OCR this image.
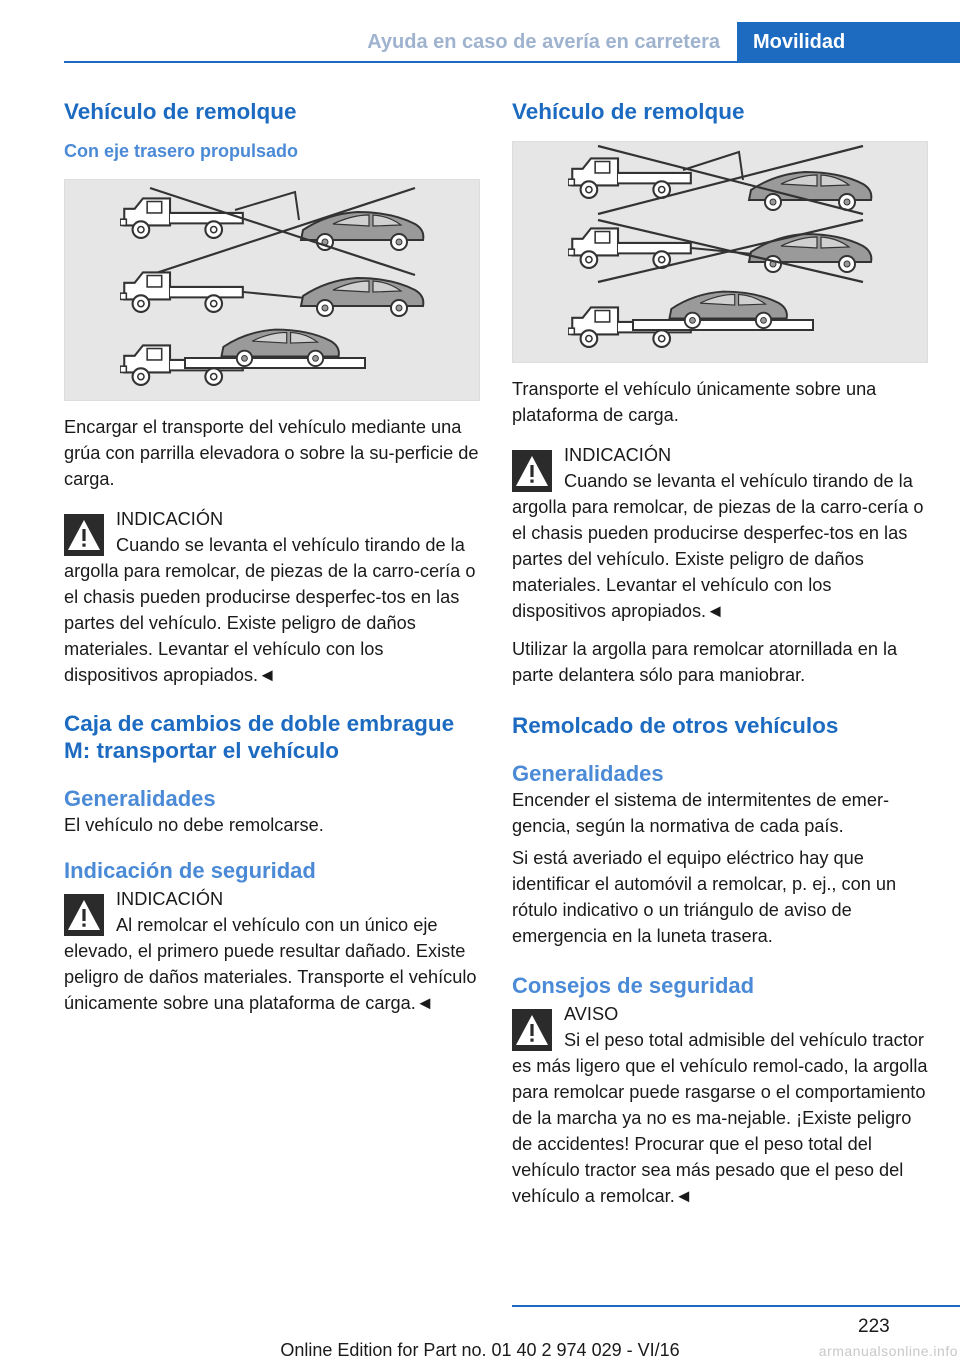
Ayuda en caso de avería en carretera	Movilidad
Vehículo de remolque
Con eje trasero propulsado

Encargar el transporte del vehículo mediante una grúa con parrilla elevadora o sobre la su-perficie de carga.

INDICACIÓN

Cuando se levanta el vehículo tirando de la argolla para remolcar, de piezas de la carro-cería o el chasis pueden producirse desperfec-tos en las partes del vehículo. Existe peligro de daños materiales. Levantar el vehículo con los dispositivos apropiados.◄

Caja de cambios de doble embrague M: transportar el vehículo
Generalidades

El vehículo no debe remolcarse.

Indicación de seguridad
INDICACIÓN

Al remolcar el vehículo con un único eje elevado, el primero puede resultar dañado. Existe peligro de daños materiales. Transporte el vehículo únicamente sobre una plataforma de carga.◄

Vehículo de remolque

Transporte el vehículo únicamente sobre una plataforma de carga.

INDICACIÓN

Cuando se levanta el vehículo tirando de la argolla para remolcar, de piezas de la carro-cería o el chasis pueden producirse desperfec-tos en las partes del vehículo. Existe peligro de daños materiales. Levantar el vehículo con los dispositivos apropiados.◄

Utilizar la argolla para remolcar atornillada en la parte delantera sólo para maniobrar.

Remolcado de otros vehículos
Generalidades

Encender el sistema de intermitentes de emer-gencia, según la normativa de cada país.

Si está averiado el equipo eléctrico hay que identificar el automóvil a remolcar, p. ej., con un rótulo indicativo o un triángulo de aviso de emergencia en la luneta trasera.

Consejos de seguridad
AVISO

Si el peso total admisible del vehículo tractor es más ligero que el vehículo remol-cado, la argolla para remolcar puede rasgarse o el comportamiento de la marcha ya no es ma-nejable. ¡Existe peligro de accidentes! Procurar que el peso total del vehículo tractor sea más pesado que el peso del vehículo a remolcar.◄

223
Online Edition for Part no. 01 40 2 974 029 - VI/16	armanualsonline.info
